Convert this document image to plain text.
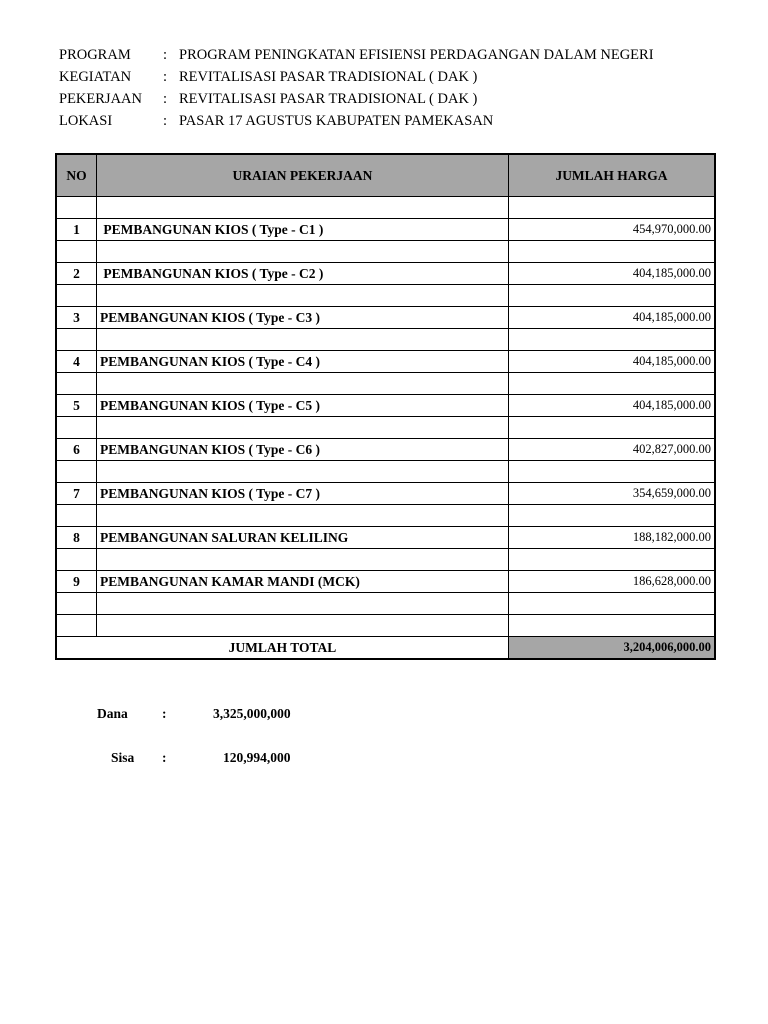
PROGRAM : PROGRAM PENINGKATAN EFISIENSI PERDAGANGAN DALAM NEGERI
KEGIATAN : REVITALISASI PASAR TRADISIONAL ( DAK )
PEKERJAAN : REVITALISASI PASAR TRADISIONAL ( DAK )
LOKASI	: PASAR 17 AGUSTUS KABUPATEN PAMEKASAN
NO	URAIAN PEKERJAAN	JUMLAH HARGA

1	PEMBANGUNAN KIOS ( Type - C1 )	454,970,000.00

2	PEMBANGUNAN KIOS ( Type - C2 )	404,185,000.00

3	PEMBANGUNAN KIOS ( Type - C3 )	404,185,000.00

4	PEMBANGUNAN KIOS ( Type - C4 )	404,185,000.00

5	PEMBANGUNAN KIOS ( Type - C5 )	404,185,000.00

6	PEMBANGUNAN KIOS ( Type - C6 )	402,827,000.00

7	PEMBANGUNAN KIOS ( Type - C7 )	354,659,000.00

8	PEMBANGUNAN SALURAN KELILING	188,182,000.00

9	PEMBANGUNAN KAMAR MANDI (MCK)	186,628,000.00

JUMLAH TOTAL		3,204,006,000.00
Dana	:	3,325,000,000
Sisa :	120,994,000
